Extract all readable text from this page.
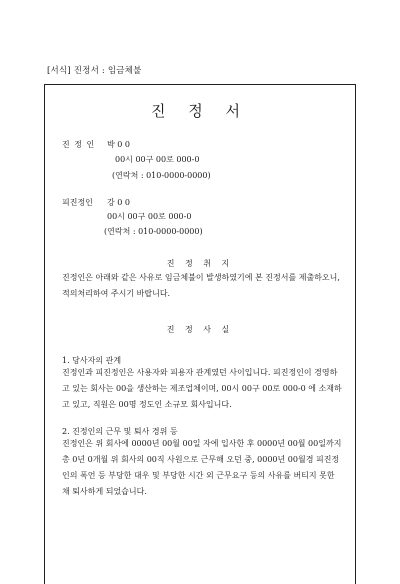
[서식] 진정서 : 임금체불
진 정 서
진 정 인 박 0 0
00시 00구 00로 000-0
(연락처 : 010-0000-0000)
피진정인 강 0 0
00시 00구 00로 000-0
(연락처 : 010-0000-0000)
진 정 취 지
진정인은 아래와 같은 사유로 임금체불이 발생하였기에 본 진정서를 제출하오니, 적의처리하여 주시기 바랍니다.
진 정 사 실
1. 당사자의 관계
진정인과 피진정인은 사용자와 피용자 관계였던 사이입니다. 피진정인이 경영하고 있는 회사는 00을 생산하는 제조업체이며, 00시 00구 00로 000-0 에 소재하고 있고, 직원은 00명 정도인 소규모 회사입니다.
2. 진정인의 근무 및 퇴사 경위 등
진정인은 위 회사에 0000년 00월 00일 자에 입사한 후 0000년 00월 00일까지 총 0년 0개월 위 회사의 00직 사원으로 근무해 오던 중, 0000년 00월경 피진정인의 폭언 등 부당한 대우 및 부당한 시간 외 근무요구 등의 사유를 버티지 못한 채 퇴사하게 되었습니다.
